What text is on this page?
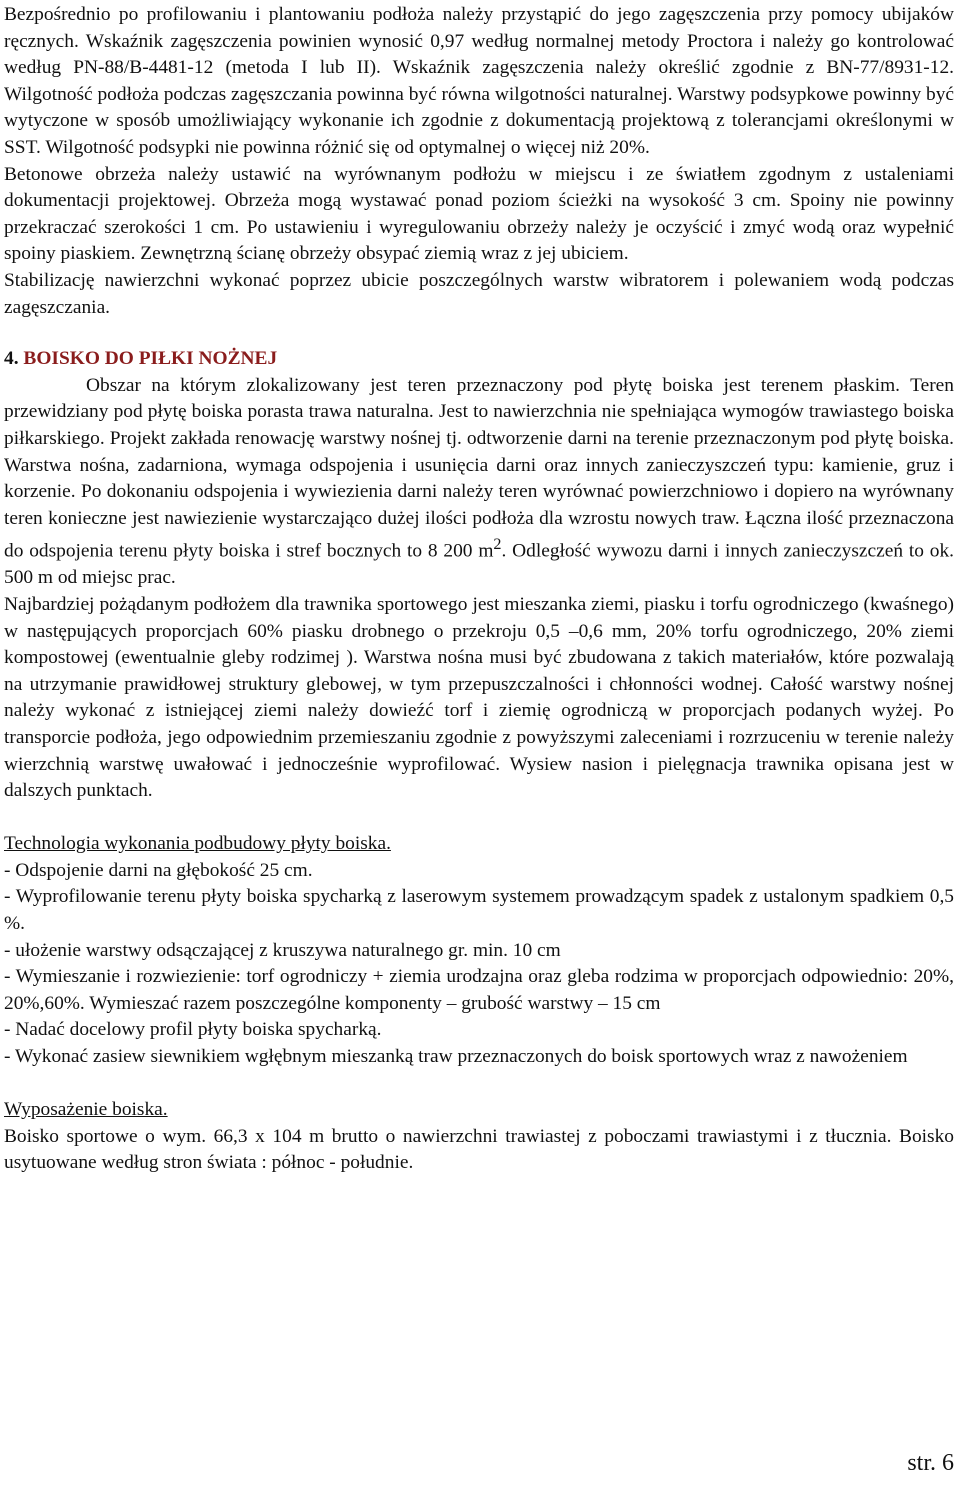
Bezpośrednio po profilowaniu i plantowaniu podłoża należy przystąpić do jego zagęszczenia przy pomocy ubijaków ręcznych. Wskaźnik zagęszczenia powinien wynosić 0,97 według normalnej metody Proctora i należy go kontrolować według PN-88/B-4481-12 (metoda I lub II). Wskaźnik zagęszczenia należy określić zgodnie z BN-77/8931-12. Wilgotność podłoża podczas zagęszczania powinna być równa wilgotności naturalnej. Warstwy podsypkowe powinny być wytyczone w sposób umożliwiający wykonanie ich zgodnie z dokumentacją projektową z tolerancjami określonymi w SST. Wilgotność podsypki nie powinna różnić się od optymalnej o więcej niż 20%.

Betonowe obrzeża należy ustawić na wyrównanym podłożu w miejscu i ze światłem zgodnym z ustaleniami dokumentacji projektowej. Obrzeża mogą wystawać ponad poziom ścieżki na wysokość 3 cm. Spoiny nie powinny przekraczać szerokości 1 cm. Po ustawieniu i wyregulowaniu obrzeży należy je oczyścić i zmyć wodą oraz wypełnić spoiny piaskiem. Zewnętrzną ścianę obrzeży obsypać ziemią wraz z jej ubiciem.

Stabilizację nawierzchni wykonać poprzez ubicie poszczególnych warstw wibratorem i polewaniem wodą podczas zagęszczania.

4. BOISKO DO PIŁKI NOŻNEJ

Obszar na którym zlokalizowany jest teren przeznaczony pod płytę boiska jest terenem płaskim. Teren przewidziany pod płytę boiska porasta trawa naturalna. Jest to nawierzchnia nie spełniająca wymogów trawiastego boiska piłkarskiego. Projekt zakłada renowację warstwy nośnej tj. odtworzenie darni na terenie przeznaczonym pod płytę boiska. Warstwa nośna, zadarniona, wymaga odspojenia i usunięcia darni oraz innych zanieczyszczeń typu: kamienie, gruz i korzenie. Po dokonaniu odspojenia i wywiezienia darni należy teren wyrównać powierzchniowo i dopiero na wyrównany teren konieczne jest nawiezienie wystarczająco dużej ilości podłoża dla wzrostu nowych traw. Łączna ilość przeznaczona do odspojenia terenu płyty boiska i stref bocznych to 8 200 $m^2$. Odległość wywozu darni i innych zanieczyszczeń to ok. 500 m od miejsc prac.

Najbardziej pożądanym podłożem dla trawnika sportowego jest mieszanka ziemi, piasku i torfu ogrodniczego (kwaśnego) w następujących proporcjach 60% piasku drobnego o przekroju 0,5 –0,6 mm, 20% torfu ogrodniczego, 20% ziemi kompostowej (ewentualnie gleby rodzimej ). Warstwa nośna musi być zbudowana z takich materiałów, które pozwalają na utrzymanie prawidłowej struktury glebowej, w tym przepuszczalności i chłonności wodnej. Całość warstwy nośnej należy wykonać z istniejącej ziemi należy dowieźć torf i ziemię ogrodniczą w proporcjach podanych wyżej. Po transporcie podłoża, jego odpowiednim przemieszaniu zgodnie z powyższymi zaleceniami i rozrzuceniu w terenie należy wierzchnią warstwę uwałować i jednocześnie wyprofilować. Wysiew nasion i pielęgnacja trawnika opisana jest w dalszych punktach.

Technologia wykonania podbudowy płyty boiska.

- Odspojenie darni na głębokość 25 cm.

- Wyprofilowanie terenu płyty boiska spycharką z laserowym systemem prowadzącym spadek z ustalonym spadkiem 0,5 %.

- ułożenie warstwy odsączającej z kruszywa naturalnego gr. min. 10 cm

- Wymieszanie i rozwiezienie: torf ogrodniczy + ziemia urodzajna oraz gleba rodzima w proporcjach odpowiednio: 20%, 20%,60%. Wymieszać razem poszczególne komponenty – grubość warstwy – 15 cm

- Nadać docelowy profil płyty boiska spycharką.

- Wykonać zasiew siewnikiem wgłębnym mieszanką traw przeznaczonych do boisk sportowych wraz z nawożeniem

Wyposażenie boiska.

Boisko sportowe o wym. 66,3 x 104 m brutto o nawierzchni trawiastej z poboczami trawiastymi i z tłucznia. Boisko usytuowane według stron świata : północ - południe.

str. 6
